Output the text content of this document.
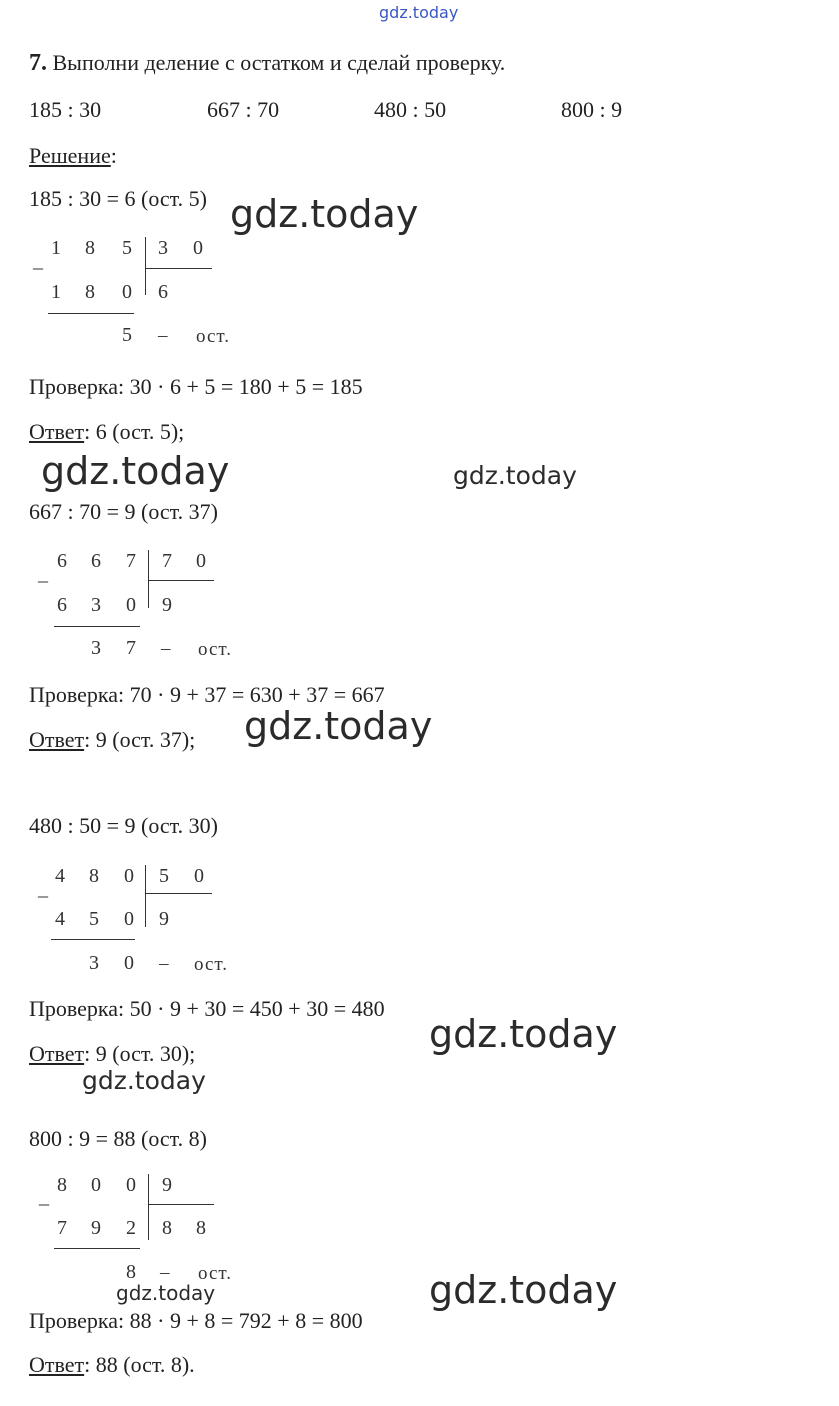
gdz.today
7. Выполни деление с остатком и сделай проверку.
185 : 30	667 : 70	480 : 50	800 : 9
Решение:
185 : 30 = 6 (ост. 5) gdz.today
_
1 8 5 3 0
1 8 0 6
5 – ост.
Проверка: 30 · 6 + 5 = 180 + 5 = 185
Ответ: 6 (ост. 5);
gdz.today	gdz.today
667 : 70 = 9 (ост. 37)
_
6 6 7 7 0
6 3 0 9
3 7 – ост.
Проверка: 70 · 9 + 37 = 630 + 37 = 667
Ответ: 9 (ост. 37); gdz.today
480 : 50 = 9 (ост. 30)
_
4 8 0 5 0
4 5 0 9
3 0 – ост.
Проверка: 50 · 9 + 30 = 450 + 30 = 480
gdz.today
Ответ: 9 (ост. 30);
gdz.today
800 : 9 = 88 (ост. 8)
_
8 0 0 9
7 9 2 8 8
8 – ост.
gdz.today	gdz.today
Проверка: 88 · 9 + 8 = 792 + 8 = 800
Ответ: 88 (ост. 8).
